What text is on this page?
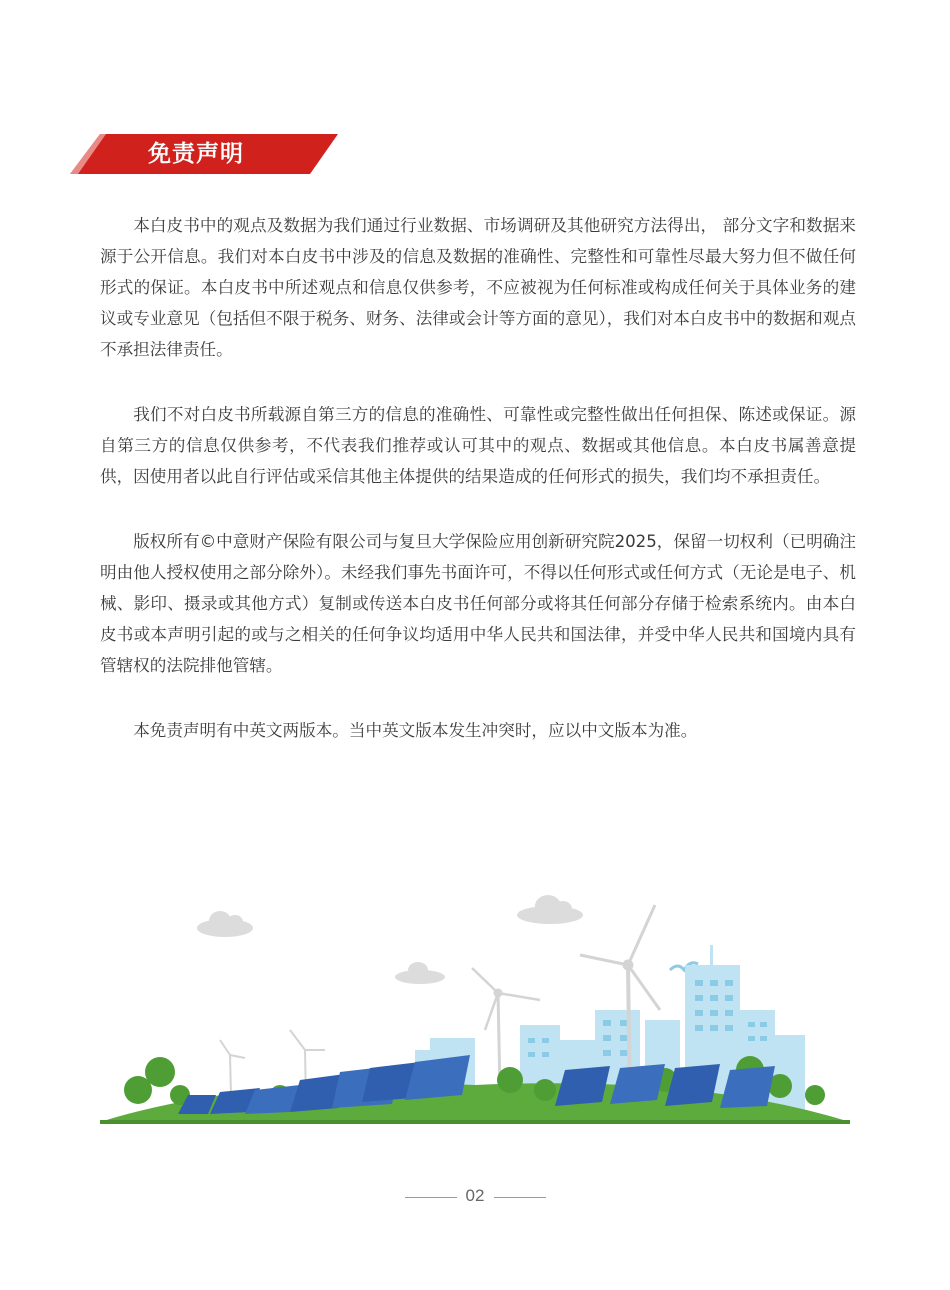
免责声明

本白皮书中的观点及数据为我们通过行业数据、市场调研及其他研究方法得出， 部分文字和数据来源于公开信息。我们对本白皮书中涉及的信息及数据的准确性、完整性和可靠性尽最大努力但不做任何形式的保证。本白皮书中所述观点和信息仅供参考，不应被视为任何标准或构成任何关于具体业务的建议或专业意见（包括但不限于税务、财务、法律或会计等方面的意见），我们对本白皮书中的数据和观点不承担法律责任。

我们不对白皮书所载源自第三方的信息的准确性、可靠性或完整性做出任何担保、陈述或保证。源自第三方的信息仅供参考，不代表我们推荐或认可其中的观点、数据或其他信息。本白皮书属善意提供，因使用者以此自行评估或采信其他主体提供的结果造成的任何形式的损失，我们均不承担责任。

版权所有©中意财产保险有限公司与复旦大学保险应用创新研究院2025，保留一切权利（已明确注明由他人授权使用之部分除外）。未经我们事先书面许可，不得以任何形式或任何方式（无论是电子、机械、影印、摄录或其他方式）复制或传送本白皮书任何部分或将其任何部分存储于检索系统内。由本白皮书或本声明引起的或与之相关的任何争议均适用中华人民共和国法律，并受中华人民共和国境内具有管辖权的法院排他管辖。

本免责声明有中英文两版本。当中英文版本发生冲突时，应以中文版本为准。

02
